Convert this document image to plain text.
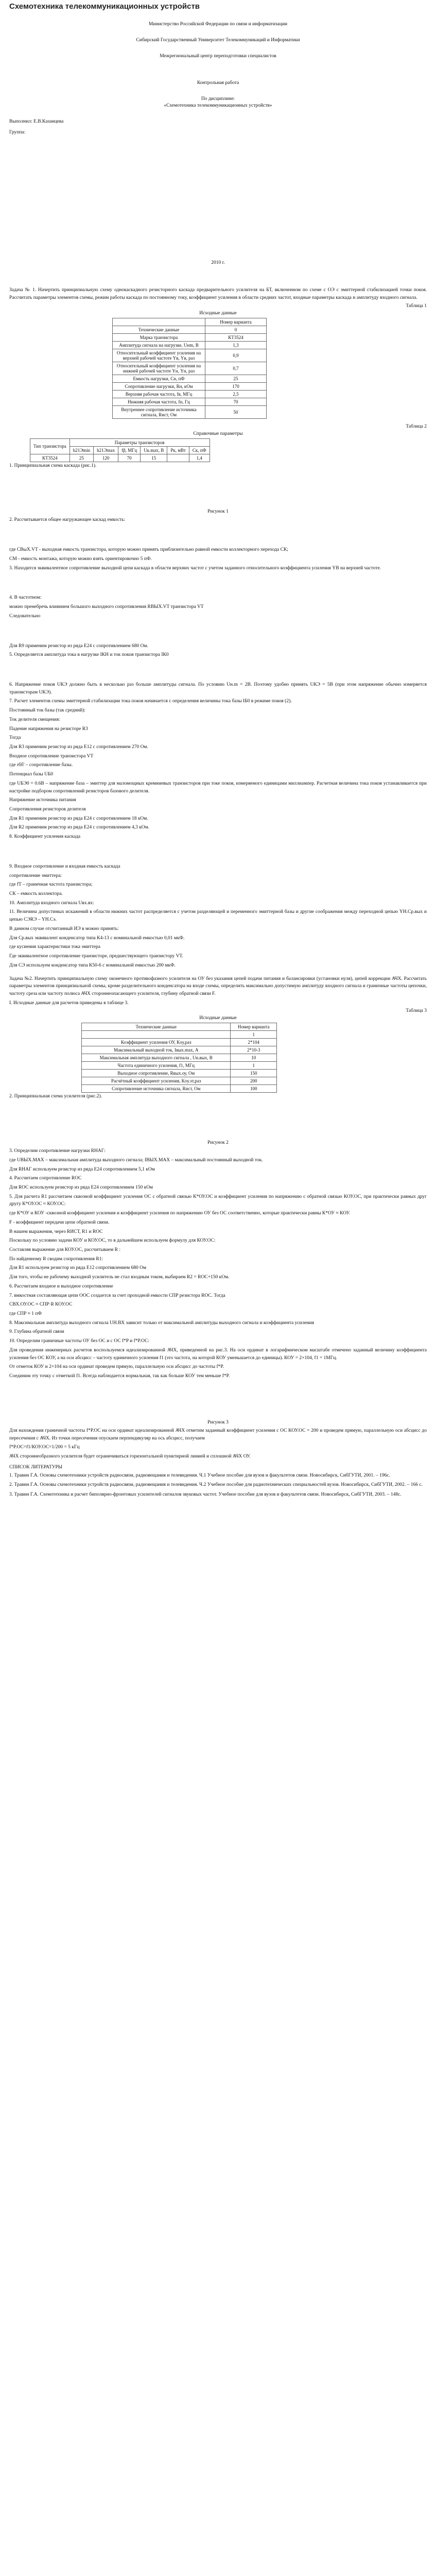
Схемотехника телекоммуникационных устройств
Министерство Российской Федерации по связи и информатизации
Сибирский Государственный Университет Телекоммуникаций и Информатики
Межрегиональный центр переподготовки специалистов
Контрольная работа
По дисциплине:
«Схемотехника телекоммуникационных устройств»
Выполнил: Е.В.Казанцева
Группа:
2010 г.

Задача № 1. Начертить принципиальную схему однокаскадного резисторного каскада предварительного усилителя на БТ, включенном по схеме с ОЭ с эмиттерной стабилизацией точки покоя. Рассчитать параметры элементов схемы, режим работы каскада по постоянному току, коэффициент усиления в области средних частот, входные параметры каскада и амплитуду входного сигнала.

Таблица 1
Исходные данные
	Номер варианта
Технические данные	0
Марка транзистора	КТ3524
Амплитуда сигнала на нагрузке, Uнm, В	1,3
Относительный коэффициент усиления на верхней рабочей частоте Yв, Yв, раз	0,9
Относительный коэффициент усиления на нижней рабочей частоте Yн, Yн, раз	0,7
Емкость нагрузки, Сн, пФ	25
Сопротивление нагрузки, Rн, кОм	170
Верхняя рабочая частота, fв, МГц	2,5
Нижняя рабочая частота, fн, Гц	70
Внутреннее сопротивление источника сигнала, Rист, Ом	50
Таблица 2
Справочные параметры
Тип транзистора	Параметры транзисторов					
	h21Эmin	h21Эmax	fβ, МГц	Uк.max, В	Рк, мВт	Ск, пФ
КТ3524	25	120	70	15		1,4

1. Принципиальная схема каскада (рис.1).

Рисунок 1

2. Рассчитывается общее нагружающее каскад емкость:

где СВыХ.VT - выходная емкость транзистора, которую можно принять приблизительно равной емкости коллекторного перехода СК;

СМ - емкость монтажа, которую можно взять ориентировочно 5 пФ.

3. Находится эквивалентное сопротивление выходной цепи каскада в области верхних частот с учетом заданного относительного коэффициента усиления YВ на верхней частоте.

4. В частотном:

можно пренебречь влиянием большого выходного сопротивления RВЫХ.VT транзистора VT

Следовательно

Для R9 применим резистор из ряда Е24 с сопротивлением 680 Ом.

5. Определяется амплитуда тока в нагрузке IКН и ток покоя транзистора IК0

6. Напряжение покоя UКЭ должно быть в несколько раз больше амплитуды сигнала. По условию Uн.m = 2В. Поэтому удобно принять UКЭ = 5В (при этом напряжение обычно измеряется транзисторам UКЭ).

7. Расчет элементов схемы эмиттерной стабилизации тока покоя начинается с определения величины тока базы IБ0 в режиме покоя (2).

Постоянный ток базы (так средний):

Ток делителя смещения:

Падение напряжения на резисторе R3

Тогда

Для R3 применим резистор из ряда Е12 с сопротивлением 270 Ом.

Входное сопротивление транзистора VT

где rбб' – сопротивление базы.

Потенциал базы UБ0

где UБЭ0 = 0.6В – напряжение база – эмиттер для маломощных кремниевых транзисторов при токе покоя, измеряемого единицами миллиампер. Расчетная величина тока покоя устанавливается при настройке подбором сопротивлений резисторов базового делителя.

Напряжение источника питания

Сопротивления резисторов делителя

Для R1 применим резистор из ряда Е24 с сопротивлением 18 кОм.

Для R2 применим резистор из ряда Е24 с сопротивлением 4,3 кОм.

8. Коэффициент усиления каскада

9. Входное сопротивление и входная емкость каскада

сопротивление эмиттера:

где fT – граничная частота транзистора;

CК – емкость коллектора.

10. Амплитуда входного сигнала Uвх.вх:

11. Величина допустимых искажений в области нижних частот распределяется с учетом разделяющей и переменного эмиттерной базы и другие соображения между переходной цепью YН.Ср.вых и цепью СЭRЭ – YН.Сэ.

В данном случае отсчитанный ИЭ в можно принять:

Для Ср.вых эквивалент конденсатор типа К4-13 с номинальной емкостью 0,01 мкФ.

где кусиения характеристики тока эмиттера

Где эквивалентное сопротивление транзисторе, предшествующего транзистору VT.

Для СЭ используем конденсатор типа К50-6 с номинальной емкостью 200 мкФ.

Задача №2. Начертить принципиальную схему оконечного противофазного усилителя на ОУ без указания цепей подачи питания и балансировки (установки нуля), цепей коррекции АЧХ. Рассчитать параметры элементов принципиальной схемы, кроме разделительного конденсатора на входе схемы, определить максимально допустимую амплитуду входного сигнала и граничные частоты цепочки, частоту среза или частоту полюса АЧХ стороннеопасающего усилителя, глубину обратной связи F.

I. Исходные данные для расчетов приведены в таблице 3.

Таблица 3
Исходные данные
Технические данные	Номер варианта
	1
Коэффициент усиления ОУ, Кoу,раз	2*104
Максимальный выходной ток, Iвых.max, А	2*10-3
Максимальная амплитуда выходного сигнала , Uн.вых, В	10
Частота единичного усиления, f1, МГц	1
Выходное сопротивление, Rвых.оу, Ом	150
Расчётный коэффициент усиления, Кoу.эт,раз	200
Сопротивление источника сигнала, Rист, Ом	100

2. Принципиальная схема усилителя (рис.2).

Рисунок 2

3. Определим сопротивление нагрузки RНАГ:

где UВЫХ.MAX – максимальная амплитуда выходного сигнала; IВЫХ.MAX – максимальный постоянный выходной ток.

Для RНАГ используем резистор из ряда Е24 сопротивлением 5,1 кОм

4. Рассчитаем сопротивление ROC

Для ROC используем резистор из ряда Е24 сопротивлением 150 кОм

5. Для расчета R1 рассчитаем сквозной коэффициент усиления ОС с обратной связью К*ОУ.ОС и коэффициент усиления по напряжению с обратной связью КОУ.ОС, при практически равных друг другу К*ОУ.ОС ≈ КОУ.ОС:

где К*ОУ и КОУ -сквозной коэффициент усиления и коэффициент усиления по напряжению ОУ без ОС соответственно, которые практически равны К*ОУ ≈ КОУ.

F - коэффициент передачи цепи обратной связи.

В нашем выражения, через RИСТ, R1 и ROC

Поскольку по условию задачи КОУ и КОУ.ОС, то в дальнейшем используем формулу для КОУ.ОС:

Составляя выражение для КОУ.ОС, рассчитываем R :

По найденному R сводим сопротивления R1:

Для R1 используем резистор из ряда Е12 сопротивлением 680 Ом

Для того, чтобы не рабочему выходной усилитель не стал входным током, выбираем R2 = ROC+150 кОм.

6. Рассчитаем входное и выходное сопротивление

7. вмкостная составляющая цепи ООС создается за счет проходной емкости СПР резистора ROC. Тогда

СВХ.ОУ.ОС ≈ СПР·R КОУ.ОС

где СПР ≈ 1 пФ

8. Максимальная амплитуда выходного сигнала UН.ВХ зависит только от максимальной амплитуды выходного сигнала и коэффициента усиления

9. Глубина обратной связи

10. Определим граничные частоты ОУ без ОС и с ОС f*P и f*P.ОС:

Для проведения инженерных расчетов воспользуемся идеализированной АЧХ, приведенной на рис.3. На оси ординат в логарифмическом масштабе отмечено заданный величину коэффициента усиления без ОС КОУ, а на оси абсцисс – частоту единичного усиления f1 (это частота, на которой КОУ уменьшается до единицы). КОУ = 2×104, f1 = 1МГц.

От отметок КОУ и 2×104 на оси ординат проведем прямую, параллельную оси абсцисс до частоты f*P.

Соединим эту точку с отметкой f1. Всегда наблюдается нормальная, так как больше КОУ тем меньше f*P.

Рисунок 3

Для нахождения граничной частоты f*P.ОС на оси ординат идеализированной АЧХ отметим заданный коэффициент усиления с ОС КОУ.ОС = 200 и проведем прямую, параллельную оси абсцисс до пересечения с АЧХ. Из точки пересечения опускаем перпендикуляр на ось абсцисс, получаем

f*P.ОС=f1/КОУ.ОС=1/200 = 5 кГц

АЧХ стороннеобразного усилителя будет ограничиваться горизонтальной пунктирной линией и сплошной АЧХ ОУ.

СПИСОК ЛИТЕРАТУРЫ

1. Травин Г.А. Основы схемотехники устройств радиосвязи, радиовещания и телевидения. Ч.1 Учебное пособие для вузов и факультетов связи. Новосибирск, СибГУТИ, 2001. – 196с.

2. Травин Г.А. Основы схемотехники устройств радиосвязи, радиовещания и телевидения. Ч.2 Учебное пособие для радиотехнических специальностей вузов. Новосибирск, СибГУТИ, 2002. – 166 с.

3. Травин Г.А. Схемотехника и расчет биполярно-фронтовых усилителей сигналов звуковых частот. Учебное пособие для вузов и факультетов связи. Новосибирск, СибГУТИ, 2003. – 148с.
